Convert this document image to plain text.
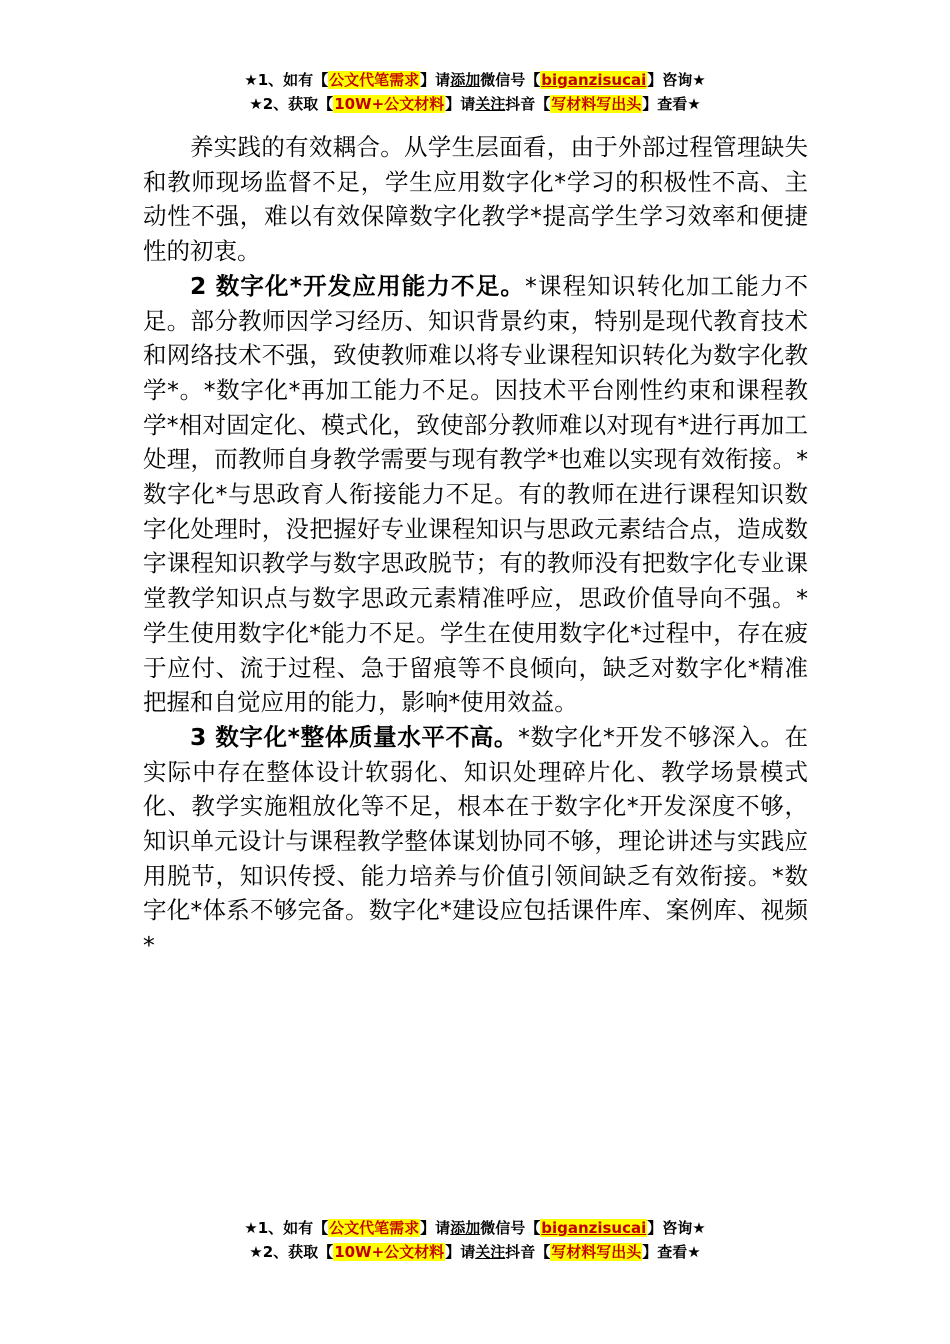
★1、如有【公文代笔需求】请添加微信号【biganzisucai】咨询★
★2、获取【10W+公文材料】请关注抖音【写材料写出头】查看★

养实践的有效耦合。从学生层面看，由于外部过程管理缺失和教师现场监督不足，学生应用数字化*学习的积极性不高、主动性不强，难以有效保障数字化教学*提高学生学习效率和便捷性的初衷。

2 数字化*开发应用能力不足。*课程知识转化加工能力不足。部分教师因学习经历、知识背景约束，特别是现代教育技术和网络技术不强，致使教师难以将专业课程知识转化为数字化教学*。*数字化*再加工能力不足。因技术平台刚性约束和课程教学*相对固定化、模式化，致使部分教师难以对现有*进行再加工处理，而教师自身教学需要与现有教学*也难以实现有效衔接。*数字化*与思政育人衔接能力不足。有的教师在进行课程知识数字化处理时，没把握好专业课程知识与思政元素结合点，造成数字课程知识教学与数字思政脱节；有的教师没有把数字化专业课堂教学知识点与数字思政元素精准呼应，思政价值导向不强。*学生使用数字化*能力不足。学生在使用数字化*过程中，存在疲于应付、流于过程、急于留痕等不良倾向，缺乏对数字化*精准把握和自觉应用的能力，影响*使用效益。

3 数字化*整体质量水平不高。*数字化*开发不够深入。在实际中存在整体设计软弱化、知识处理碎片化、教学场景模式化、教学实施粗放化等不足，根本在于数字化*开发深度不够，知识单元设计与课程教学整体谋划协同不够，理论讲述与实践应用脱节，知识传授、能力培养与价值引领间缺乏有效衔接。*数字化*体系不够完备。数字化*建设应包括课件库、案例库、视频*

★1、如有【公文代笔需求】请添加微信号【biganzisucai】咨询★
★2、获取【10W+公文材料】请关注抖音【写材料写出头】查看★
